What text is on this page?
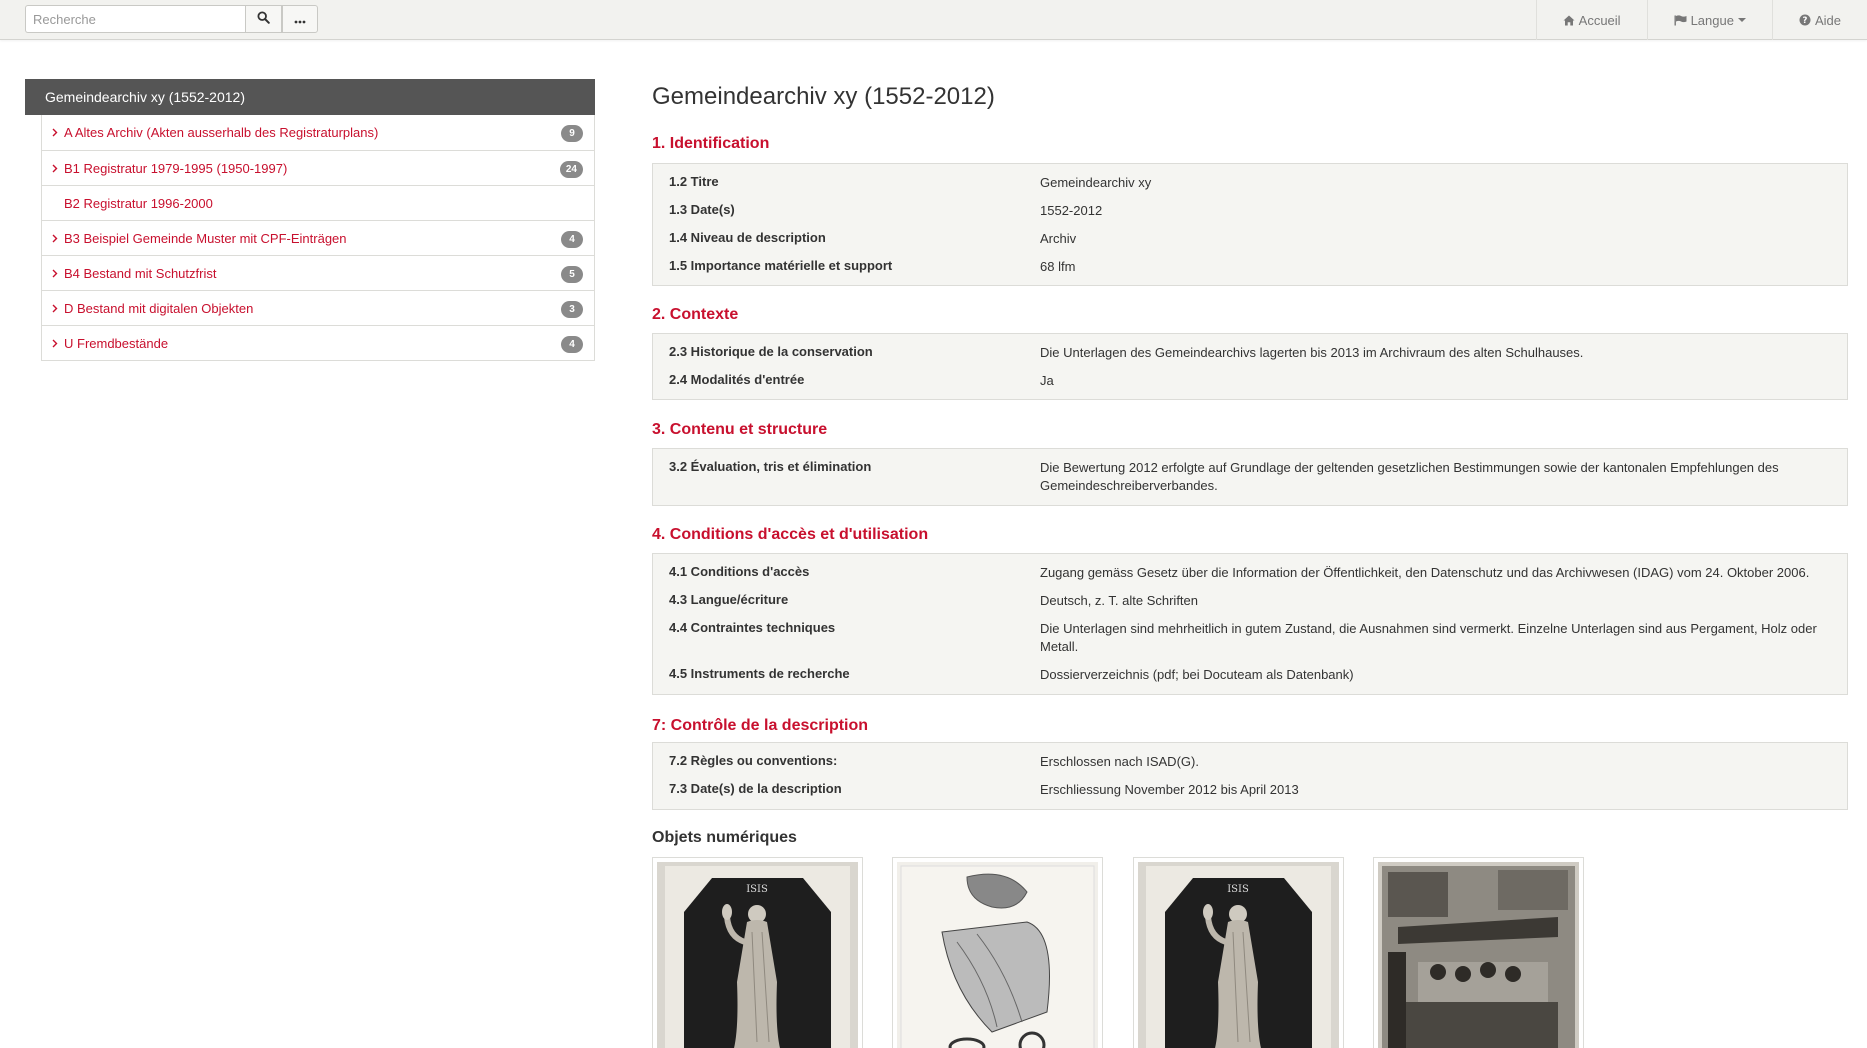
Recherche
Accueil	Langue	? Aide
Gemeindearchiv xy (1552-2012)
A Altes Archiv (Akten ausserhalb des Registraturplans)	9
B1 Registratur 1979-1995 (1950-1997)	24
B2 Registratur 1996-2000
B3 Beispiel Gemeinde Muster mit CPF-Einträgen	4
B4 Bestand mit Schutzfrist	5
D Bestand mit digitalen Objekten	3
U Fremdbestände	4
Gemeindearchiv xy (1552-2012)
Objets numériques
1. Identification
1.2 Titre	Gemeindearchiv xy
1.3 Date(s)	1552-2012
1.4 Niveau de description	Archiv
1.5 Importance matérielle et support	68 lfm
2. Contexte
2.3 Historique de la conservation	Die Unterlagen des Gemeindearchivs lagerten bis 2013 im Archivraum des alten Schulhauses.
2.4 Modalités d'entrée	Ja
3. Contenu et structure
3.2 Évaluation, tris et élimination	Die Bewertung 2012 erfolgte auf Grundlage der geltenden gesetzlichen Bestimmungen sowie der kantonalen Empfehlungen des Gemeindeschreiberverbandes.
4. Conditions d'accès et d'utilisation
4.1 Conditions d'accès	Zugang gemäss Gesetz über die Information der Öffentlichkeit, den Datenschutz und das Archivwesen (IDAG) vom 24. Oktober 2006.
4.3 Langue/écriture	Deutsch, z. T. alte Schriften
4.4 Contraintes techniques	Die Unterlagen sind mehrheitlich in gutem Zustand, die Ausnahmen sind vermerkt. Einzelne Unterlagen sind aus Pergament, Holz oder Metall.
4.5 Instruments de recherche	Dossierverzeichnis (pdf; bei Docuteam als Datenbank)
7: Contrôle de la description
7.2 Règles ou conventions:	Erschlossen nach ISAD(G).
7.3 Date(s) de la description	Erschliessung November 2012 bis April 2013
ISIS	ISIS
